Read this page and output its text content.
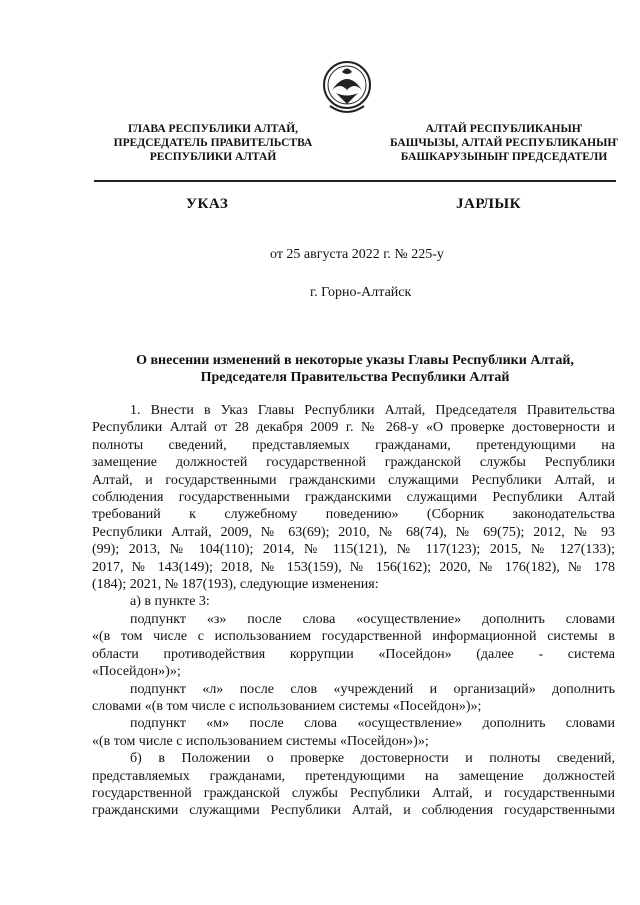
ГЛАВА РЕСПУБЛИКИ АЛТАЙ,
ПРЕДСЕДАТЕЛЬ ПРАВИТЕЛЬСТВА
РЕСПУБЛИКИ АЛТАЙ
АЛТАЙ РЕСПУБЛИКАНЫҤ
БАШЧЫЗЫ, АЛТАЙ РЕСПУБЛИКАНЫҤ
БАШКАРУЗЫНЫҤ ПРЕДСЕДАТЕЛИ
УКАЗ	JАРЛЫК
от 25 августа 2022 г. № 225-у
г. Горно-Алтайск
О внесении изменений в некоторые указы Главы Республики Алтай,
Председателя Правительства Республики Алтай

1. Внести в Указ Главы Республики Алтай, Председателя Правительства

Республики Алтай от 28 декабря 2009 г. № 268-у «О проверке достоверности и

полноты сведений, представляемых гражданами, претендующими на

замещение должностей государственной гражданской службы Республики

Алтай, и государственными гражданскими служащими Республики Алтай, и

соблюдения государственными гражданскими служащими Республики Алтай

требований к служебному поведению» (Сборник законодательства

Республики Алтай, 2009, № 63(69); 2010, № 68(74), № 69(75); 2012, № 93

(99); 2013, № 104(110); 2014, № 115(121), № 117(123); 2015, № 127(133);

2017, № 143(149); 2018, № 153(159), № 156(162); 2020, № 176(182), № 178

(184); 2021, № 187(193), следующие изменения:

а) в пункте 3:

подпункт «з» после слова «осуществление» дополнить словами

«(в том числе с использованием государственной информационной системы в

области противодействия коррупции «Посейдон» (далее - система

«Посейдон»)»;

подпункт «л» после слов «учреждений и организаций» дополнить

словами «(в том числе с использованием системы «Посейдон»)»;

подпункт «м» после слова «осуществление» дополнить словами

«(в том числе с использованием системы «Посейдон»)»;

б) в Положении о проверке достоверности и полноты сведений,

представляемых гражданами, претендующими на замещение должностей

государственной гражданской службы Республики Алтай, и государственными

гражданскими служащими Республики Алтай, и соблюдения государственными
